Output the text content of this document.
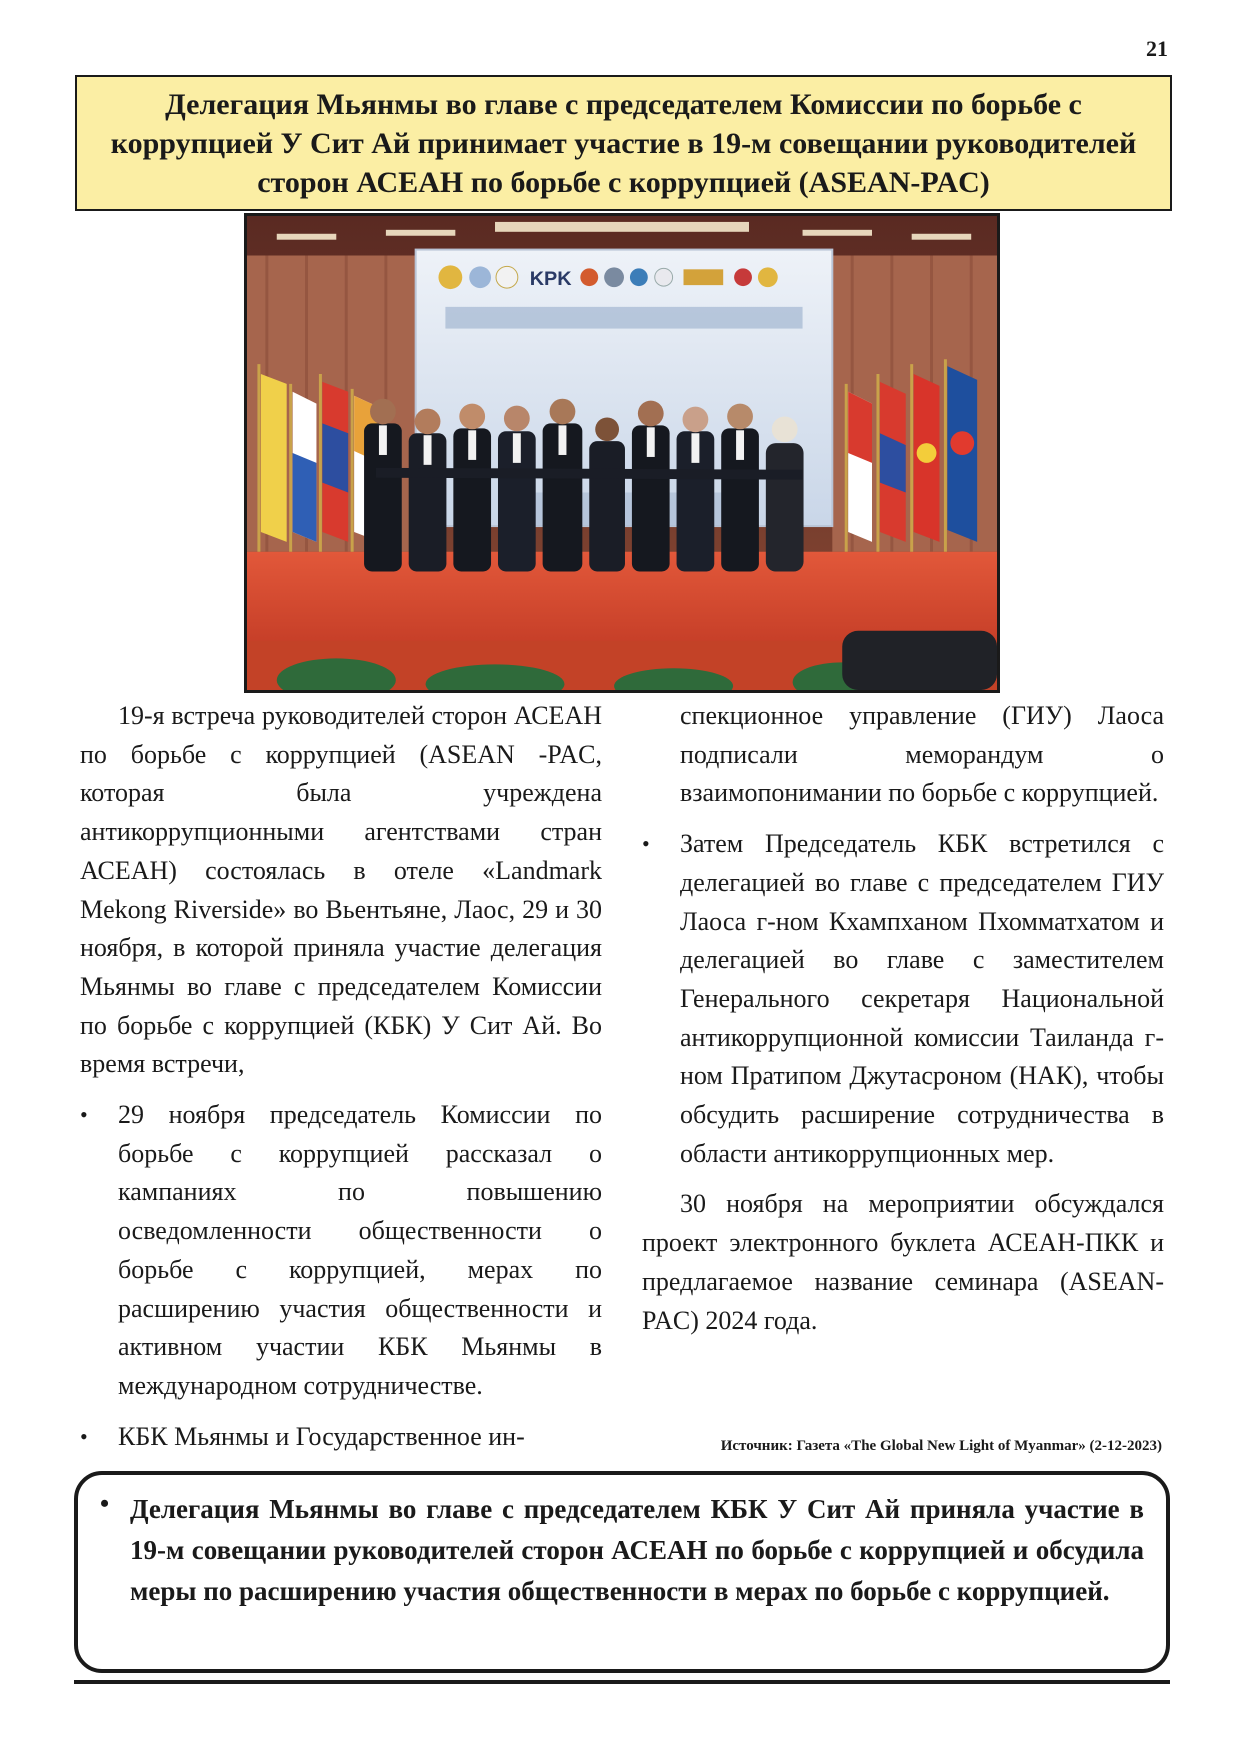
21
Делегация Мьянмы во главе с председателем Комиссии по борьбе с коррупцией У Сит Ай принимает участие в 19-м совещании руководителей сторон АСЕАН по борьбе с коррупцией (ASEAN-PAC)
KPK

19-я встреча руководителей сторон АСЕАН по борьбе с коррупцией (ASEAN -PAC, которая была учреждена антикоррупционными агентствами стран АСЕАН) состоялась в отеле «Landmark Mekong Riverside» во Вьентьяне, Лаос, 29 и 30 ноября, в которой приняла участие делегация Мьянмы во главе с председателем Комиссии по борьбе с коррупцией (КБК) У Сит Ай. Во время встречи,

•	29 ноября председатель Комиссии по борьбе с коррупцией рассказал о кампаниях по повышению осведомленности общественности о борьбе с коррупцией, мерах по расширению участия общественности и активном участии КБК Мьянмы в международном сотрудничестве.
•	КБК Мьянмы и Государственное ин-

спекционное управление (ГИУ) Лаоса подписали меморандум о взаимопонимании по борьбе с коррупцией.

•	Затем Председатель КБК встретился с делегацией во главе с председателем ГИУ Лаоса г-ном Кхампханом Пхомматхатом и делегацией во главе с заместителем Генерального секретаря Национальной антикоррупционной комиссии Таиланда г-ном Пратипом Джутасроном (НАК), чтобы обсудить расширение сотрудничества в области антикоррупционных мер.

30 ноября на мероприятии обсуждался проект электронного буклета АСЕАН-ПКК и предлагаемое название семинара (ASEAN-PAC) 2024 года.

Источник: Газета «The Global New Light of Myanmar» (2-12-2023)
• Делегация Мьянмы во главе с председателем КБК У Сит Ай приняла участие в 19-м совещании руководителей сторон АСЕАН по борьбе с коррупцией и обсудила меры по расширению участия общественности в мерах по борьбе с коррупцией.
